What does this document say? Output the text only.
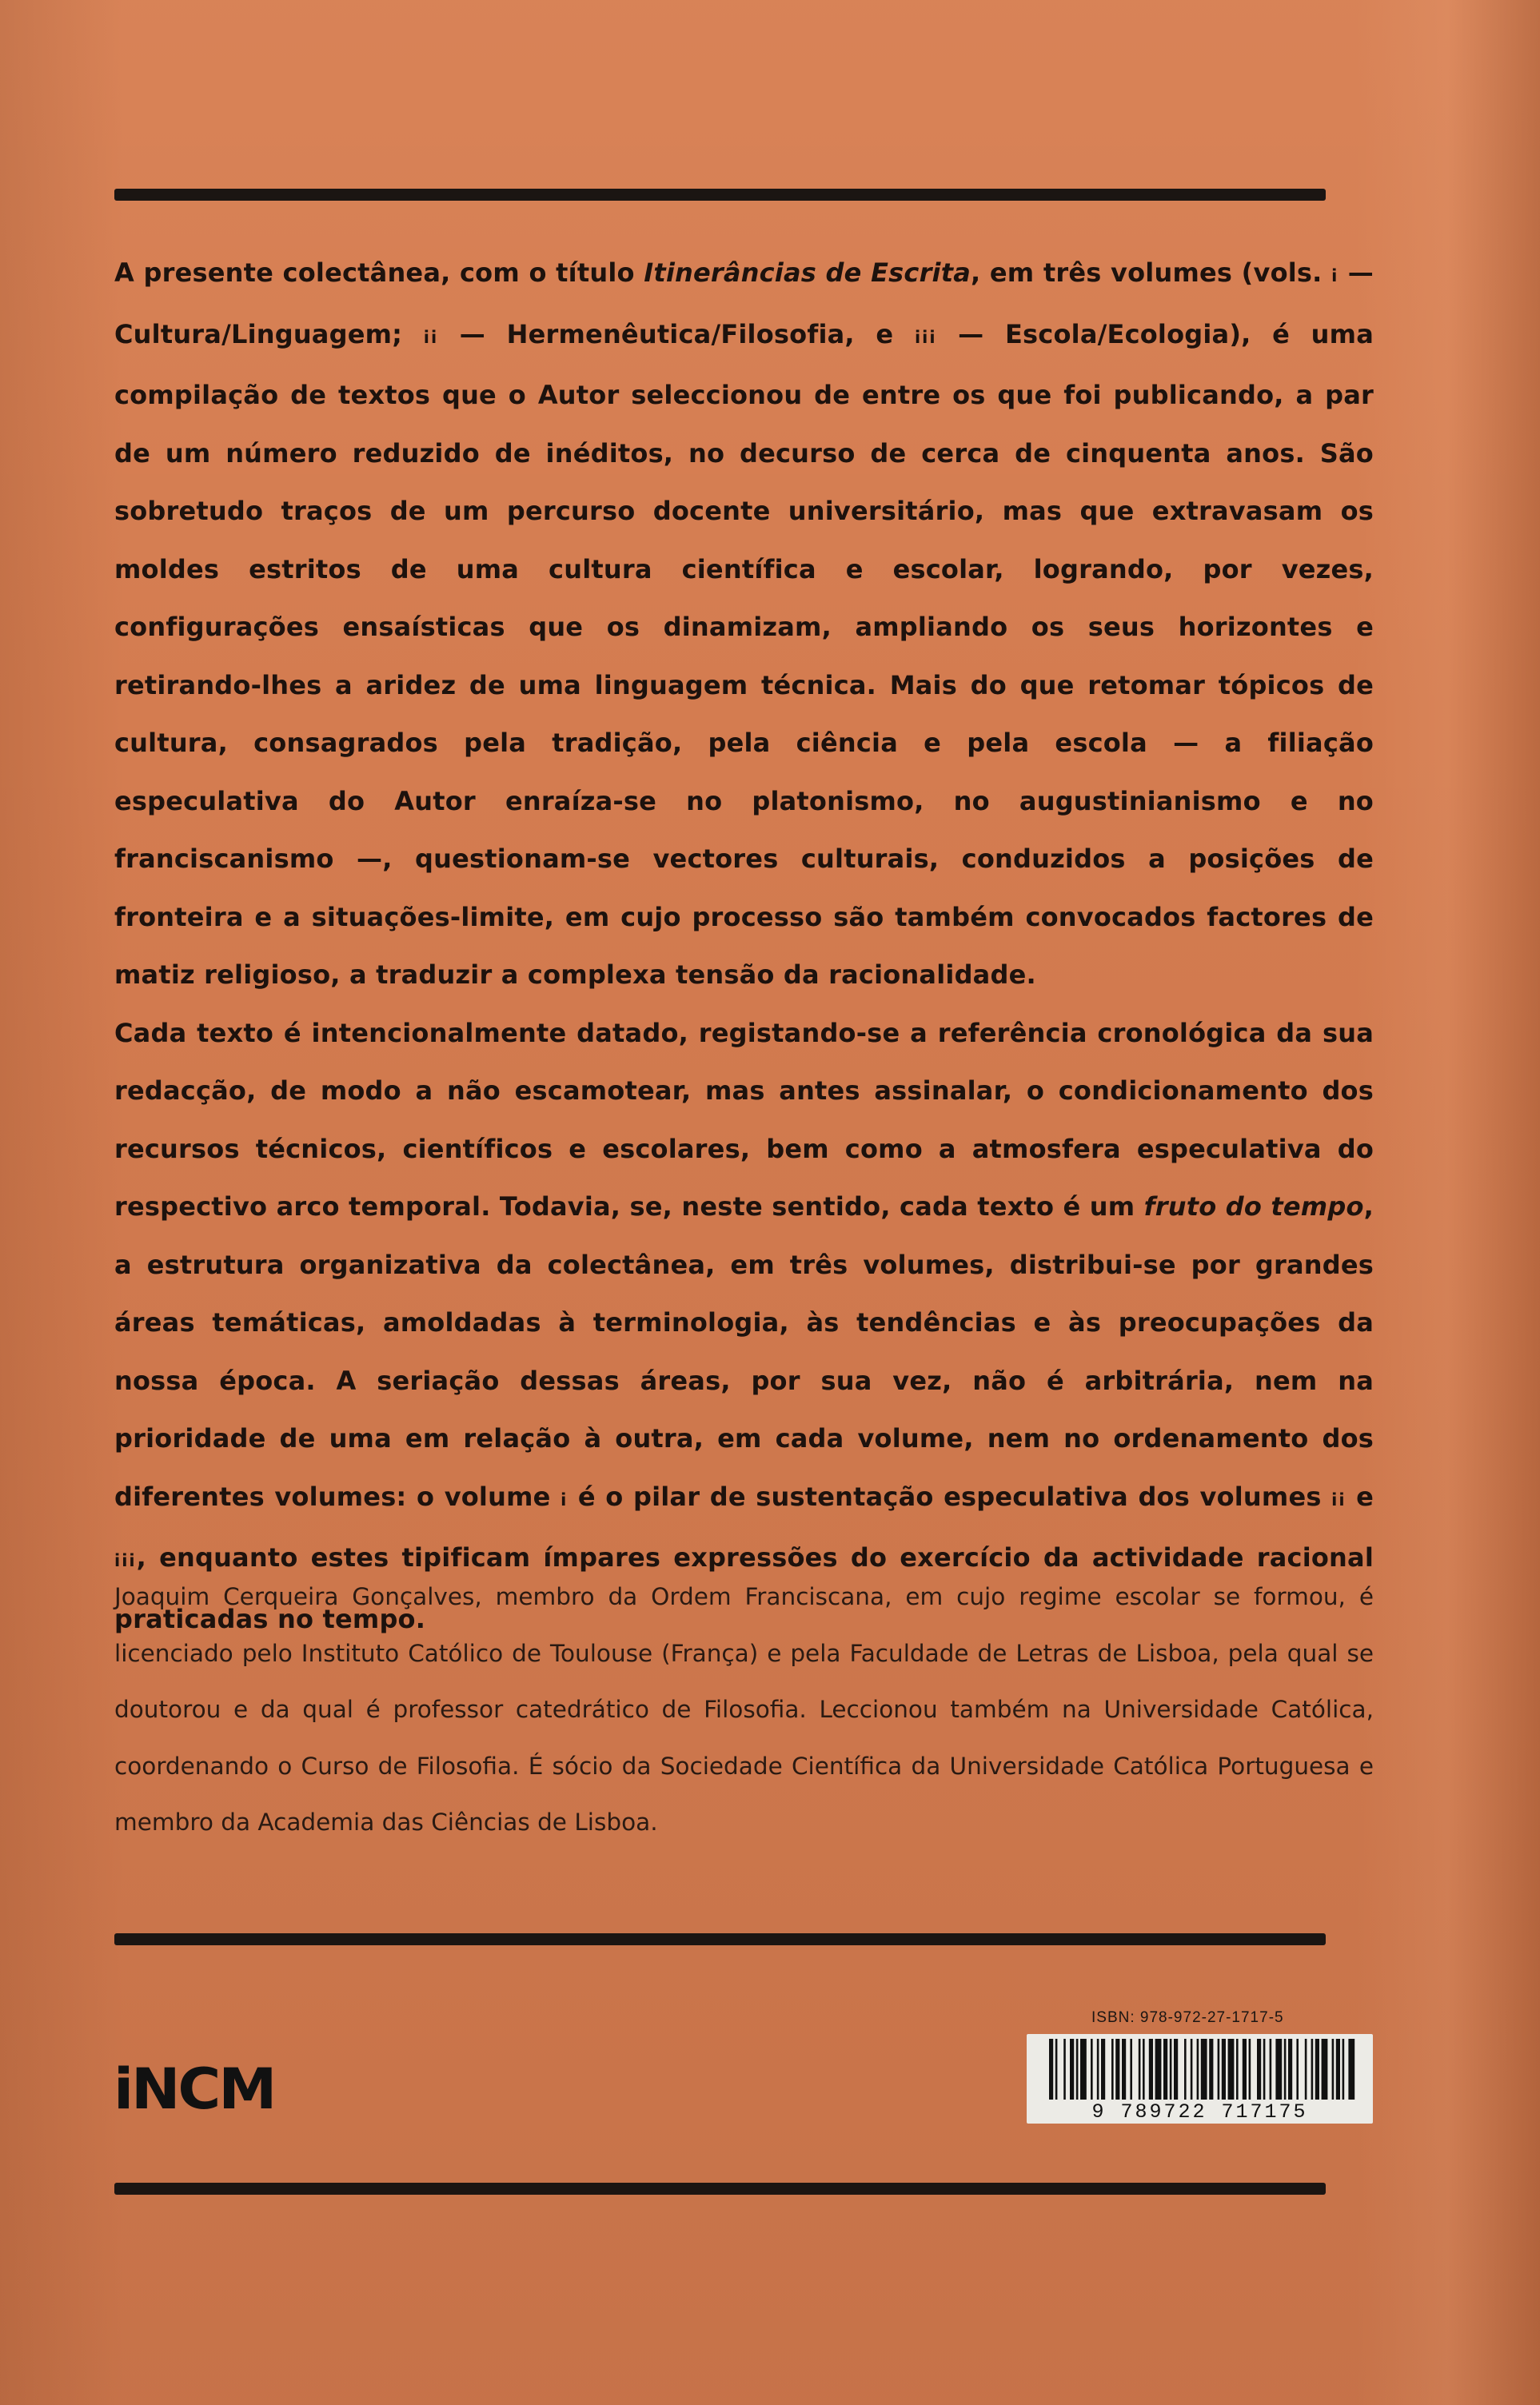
A presente colectânea, com o título Itinerâncias de Escrita, em três volumes (vols. i — Cultura/Linguagem; ii — Hermenêutica/Filosofia, e iii — Escola/Ecologia), é uma compilação de textos que o Autor seleccionou de entre os que foi publicando, a par de um número reduzido de inéditos, no decurso de cerca de cinquenta anos. São sobretudo traços de um percurso docente universitário, mas que extravasam os moldes estritos de uma cultura científica e escolar, logrando, por vezes, configurações ensaísticas que os dinamizam, ampliando os seus horizontes e retirando-lhes a aridez de uma linguagem técnica. Mais do que retomar tópicos de cultura, consagrados pela tradição, pela ciência e pela escola — a filiação especulativa do Autor enraíza-se no platonismo, no augustinianismo e no franciscanismo —, questionam-se vectores culturais, conduzidos a posições de fronteira e a situações-limite, em cujo processo são também convocados factores de matiz religioso, a traduzir a complexa tensão da racionalidade.

Cada texto é intencionalmente datado, registando-se a referência cronológica da sua redacção, de modo a não escamotear, mas antes assinalar, o condicionamento dos recursos técnicos, científicos e escolares, bem como a atmosfera especulativa do respectivo arco temporal. Todavia, se, neste sentido, cada texto é um fruto do tempo, a estrutura organizativa da colectânea, em três volumes, distribui-se por grandes áreas temáticas, amoldadas à terminologia, às tendências e às preocupações da nossa época. A seriação dessas áreas, por sua vez, não é arbitrária, nem na prioridade de uma em relação à outra, em cada volume, nem no ordenamento dos diferentes volumes: o volume i é o pilar de sustentação especulativa dos volumes ii e iii, enquanto estes tipificam ímpares expressões do exercício da actividade racional praticadas no tempo.

Joaquim Cerqueira Gonçalves, membro da Ordem Franciscana, em cujo regime escolar se formou, é licenciado pelo Instituto Católico de Toulouse (França) e pela Faculdade de Letras de Lisboa, pela qual se doutorou e da qual é professor catedrático de Filosofia. Leccionou também na Universidade Católica, coordenando o Curso de Filosofia. É sócio da Sociedade Científica da Universidade Católica Portuguesa e membro da Academia das Ciências de Lisboa.

ISBN: 978-972-27-1717-5
iNCM	9 789722 717175
